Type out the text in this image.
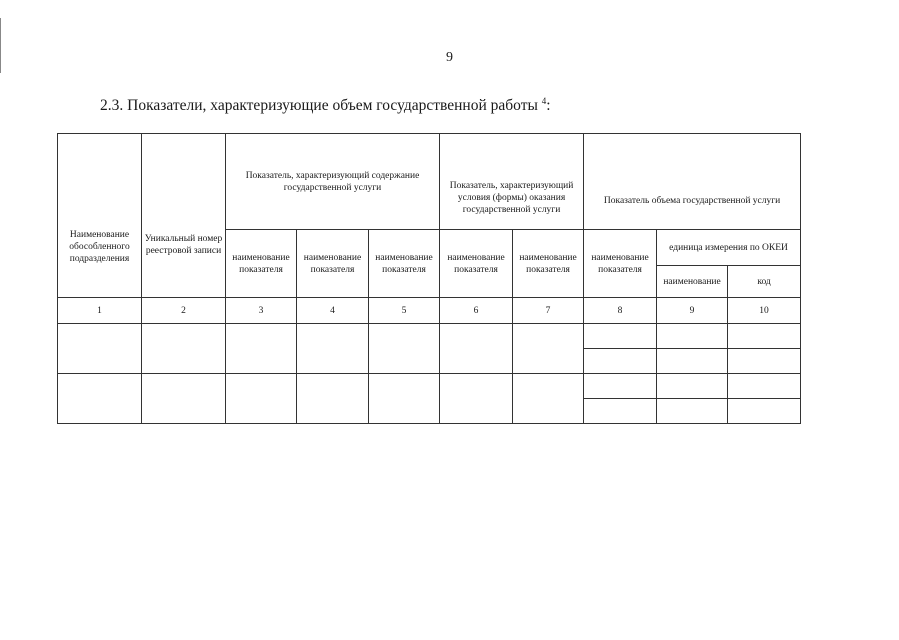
9
2.3. Показатели, характеризующие объем государственной работы $^4$:
Наименование обособленного подразделения	Уникальный номер реестровой записи	Показатель, характеризующий содержание государственной услуги			Показатель, характеризующий условия (формы) оказания государственной услуги		Показатель объема государственной услуги		
		наименование показателя	наименование показателя	наименование показателя	наименование показателя	наименование показателя	наименование показателя	единица измерения по ОКЕИ	
								наименование	код
1	2	3	4	5	6	7	8	9	10
